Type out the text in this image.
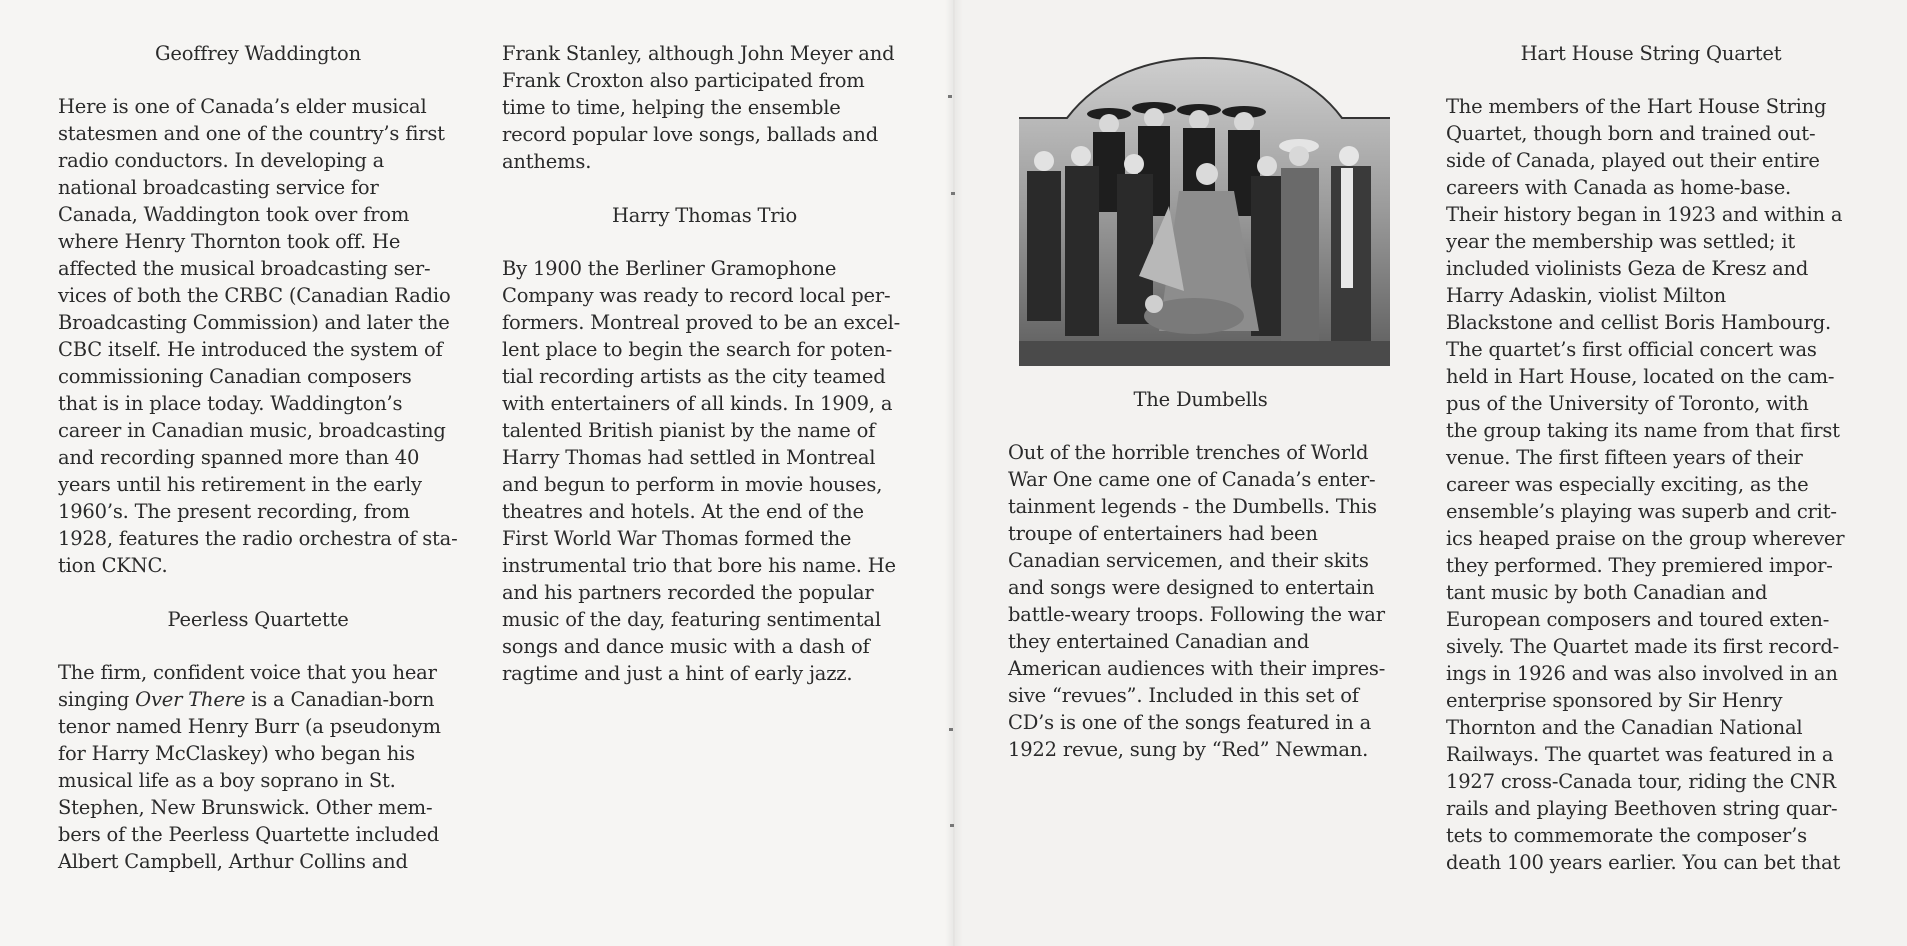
Geoffrey Waddington

Here is one of Canada’s elder musical
statesmen and one of the country’s first
radio conductors. In developing a
national broadcasting service for
Canada, Waddington took over from
where Henry Thornton took off. He
affected the musical broadcasting ser-
vices of both the CRBC (Canadian Radio
Broadcasting Commission) and later the
CBC itself. He introduced the system of
commissioning Canadian composers
that is in place today. Waddington’s
career in Canadian music, broadcasting
and recording spanned more than 40
years until his retirement in the early
1960’s. The present recording, from
1928, features the radio orchestra of sta-
tion CKNC.

Peerless Quartette

The firm, confident voice that you hear
singing Over There is a Canadian-born
tenor named Henry Burr (a pseudonym
for Harry McClaskey) who began his
musical life as a boy soprano in St.
Stephen, New Brunswick. Other mem-
bers of the Peerless Quartette included
Albert Campbell, Arthur Collins and

Frank Stanley, although John Meyer and
Frank Croxton also participated from
time to time, helping the ensemble
record popular love songs, ballads and
anthems.

Harry Thomas Trio

By 1900 the Berliner Gramophone
Company was ready to record local per-
formers. Montreal proved to be an excel-
lent place to begin the search for poten-
tial recording artists as the city teamed
with entertainers of all kinds. In 1909, a
talented British pianist by the name of
Harry Thomas had settled in Montreal
and begun to perform in movie houses,
theatres and hotels. At the end of the
First World War Thomas formed the
instrumental trio that bore his name. He
and his partners recorded the popular
music of the day, featuring sentimental
songs and dance music with a dash of
ragtime and just a hint of early jazz.

The Dumbells

Out of the horrible trenches of World
War One came one of Canada’s enter-
tainment legends - the Dumbells. This
troupe of entertainers had been
Canadian servicemen, and their skits
and songs were designed to entertain
battle-weary troops. Following the war
they entertained Canadian and
American audiences with their impres-
sive “revues”. Included in this set of
CD’s is one of the songs featured in a
1922 revue, sung by “Red” Newman.

Hart House String Quartet

The members of the Hart House String
Quartet, though born and trained out-
side of Canada, played out their entire
careers with Canada as home-base.
Their history began in 1923 and within a
year the membership was settled; it
included violinists Geza de Kresz and
Harry Adaskin, violist Milton
Blackstone and cellist Boris Hambourg.
The quartet’s first official concert was
held in Hart House, located on the cam-
pus of the University of Toronto, with
the group taking its name from that first
venue. The first fifteen years of their
career was especially exciting, as the
ensemble’s playing was superb and crit-
ics heaped praise on the group wherever
they performed. They premiered impor-
tant music by both Canadian and
European composers and toured exten-
sively. The Quartet made its first record-
ings in 1926 and was also involved in an
enterprise sponsored by Sir Henry
Thornton and the Canadian National
Railways. The quartet was featured in a
1927 cross-Canada tour, riding the CNR
rails and playing Beethoven string quar-
tets to commemorate the composer’s
death 100 years earlier. You can bet that
